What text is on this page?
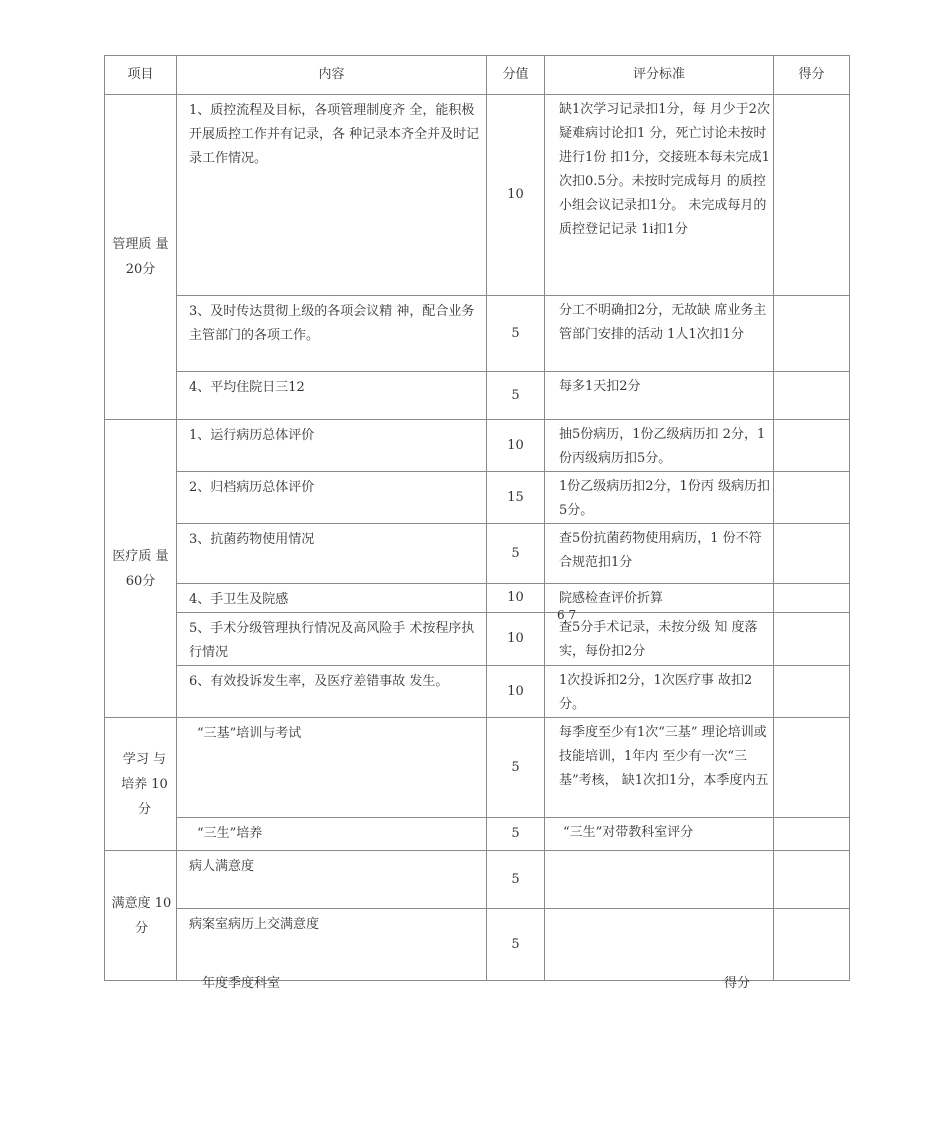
项目	内容	分值	评分标准	得分

管理质 量20分	1、质控流程及目标，各项管理制度齐 全，能积极开展质控工作并有记录，各 种记录本齐全并及时记录工作情况。	10	缺1次学习记录扣1分，每 月少于2次疑难病讨论扣1 分，死亡讨论未按时进行1份 扣1分，交接班本每未完成1 次扣0.5分。未按时完成每月 的质控小组会议记录扣1分。 未完成每月的质控登记记录 1i扣1分	
	3、及时传达贯彻上级的各项会议精 神，配合业务主管部门的各项工作。	5	分工不明确扣2分，无故缺 席业务主管部门安排的活动 1人1次扣1分	
	4、平均住院日三12	5	每多1天扣2分	

医疗质 量60分	1、运行病历总体评价	10	抽5份病历，1份乙级病历扣 2分，1份丙级病历扣5分。	
	2、归档病历总体评价	15	1份乙级病历扣2分，1份丙 级病历扣5分。	
	3、抗菌药物使用情况	5	查5份抗菌药物使用病历，1 份不符合规范扣1分	
	4、手卫生及院感	10	院感检查评价折算	
	5、手术分级管理执行情况及高风险手 术按程序执行情况	10	查5分手术记录，未按分级 知 度落实，每份扣2分	
	6、有效投诉发生率，及医疗差错事故 发生。	10	1次投诉扣2分，1次医疗事 故扣2分。	

学习 与 培养 10 分	“三基”培训与考试	5	每季度至少有1次“三基” 理论培训或技能培训，1年内 至少有一次“三基”考核， 缺1次扣1分，本季度内五	
	“三生”培养	5	“三生”对带教科室评分	

满意度 10 分	病人满意度	5		
	病案室病历上交满意度	5		
6 7
年度季度科室	得分
